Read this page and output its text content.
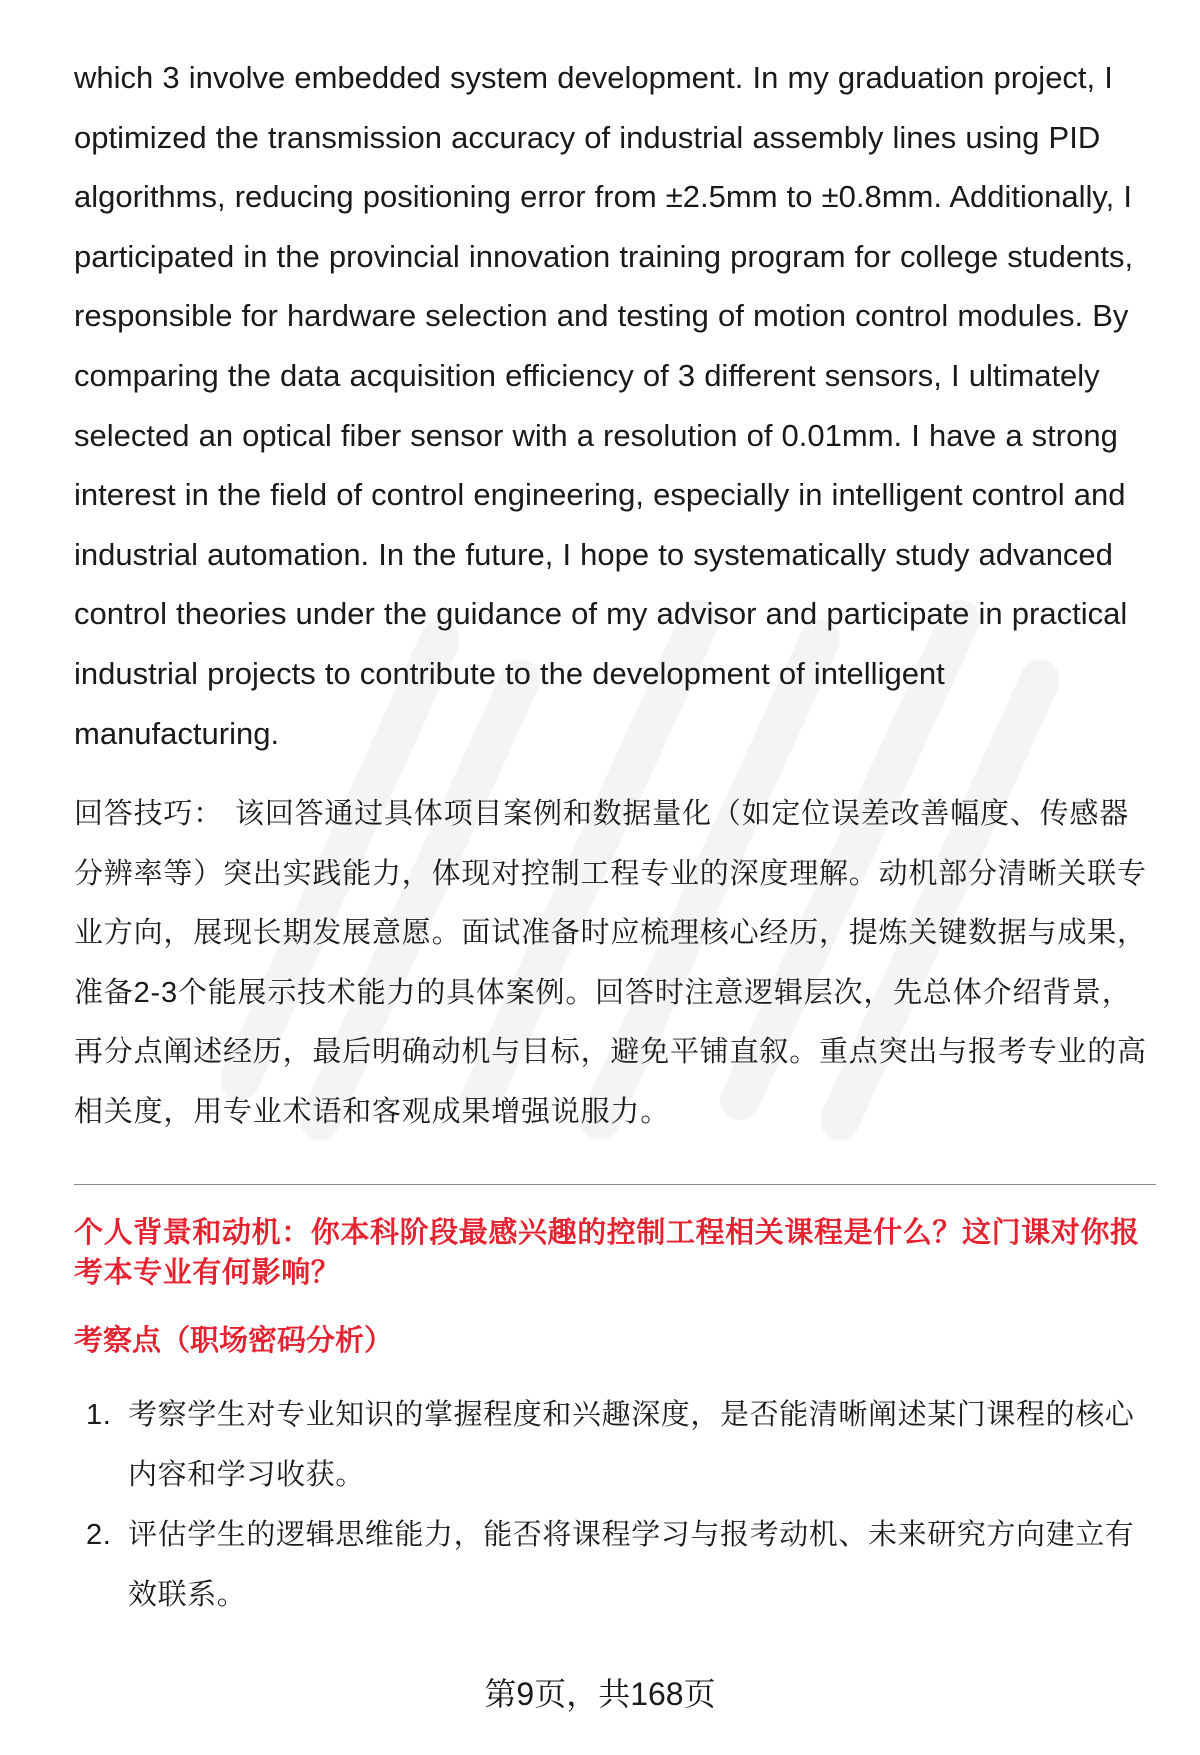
which 3 involve embedded system development. In my graduation project, I optimized the transmission accuracy of industrial assembly lines using PID algorithms, reducing positioning error from ±2.5mm to ±0.8mm. Additionally, I participated in the provincial innovation training program for college students, responsible for hardware selection and testing of motion control modules. By comparing the data acquisition efficiency of 3 different sensors, I ultimately selected an optical fiber sensor with a resolution of 0.01mm. I have a strong interest in the field of control engineering, especially in intelligent control and industrial automation. In the future, I hope to systematically study advanced control theories under the guidance of my advisor and participate in practical industrial projects to contribute to the development of intelligent manufacturing.

回答技巧： 该回答通过具体项目案例和数据量化（如定位误差改善幅度、传感器分辨率等）突出实践能力，体现对控制工程专业的深度理解。动机部分清晰关联专业方向，展现长期发展意愿。面试准备时应梳理核心经历，提炼关键数据与成果，准备2-3个能展示技术能力的具体案例。回答时注意逻辑层次，先总体介绍背景，再分点阐述经历，最后明确动机与目标，避免平铺直叙。重点突出与报考专业的高相关度，用专业术语和客观成果增强说服力。
个人背景和动机：你本科阶段最感兴趣的控制工程相关课程是什么？这门课对你报考本专业有何影响？
考察点（职场密码分析）
1. 考察学生对专业知识的掌握程度和兴趣深度，是否能清晰阐述某门课程的核心内容和学习收获。
2. 评估学生的逻辑思维能力，能否将课程学习与报考动机、未来研究方向建立有效联系。
第9页，共168页
